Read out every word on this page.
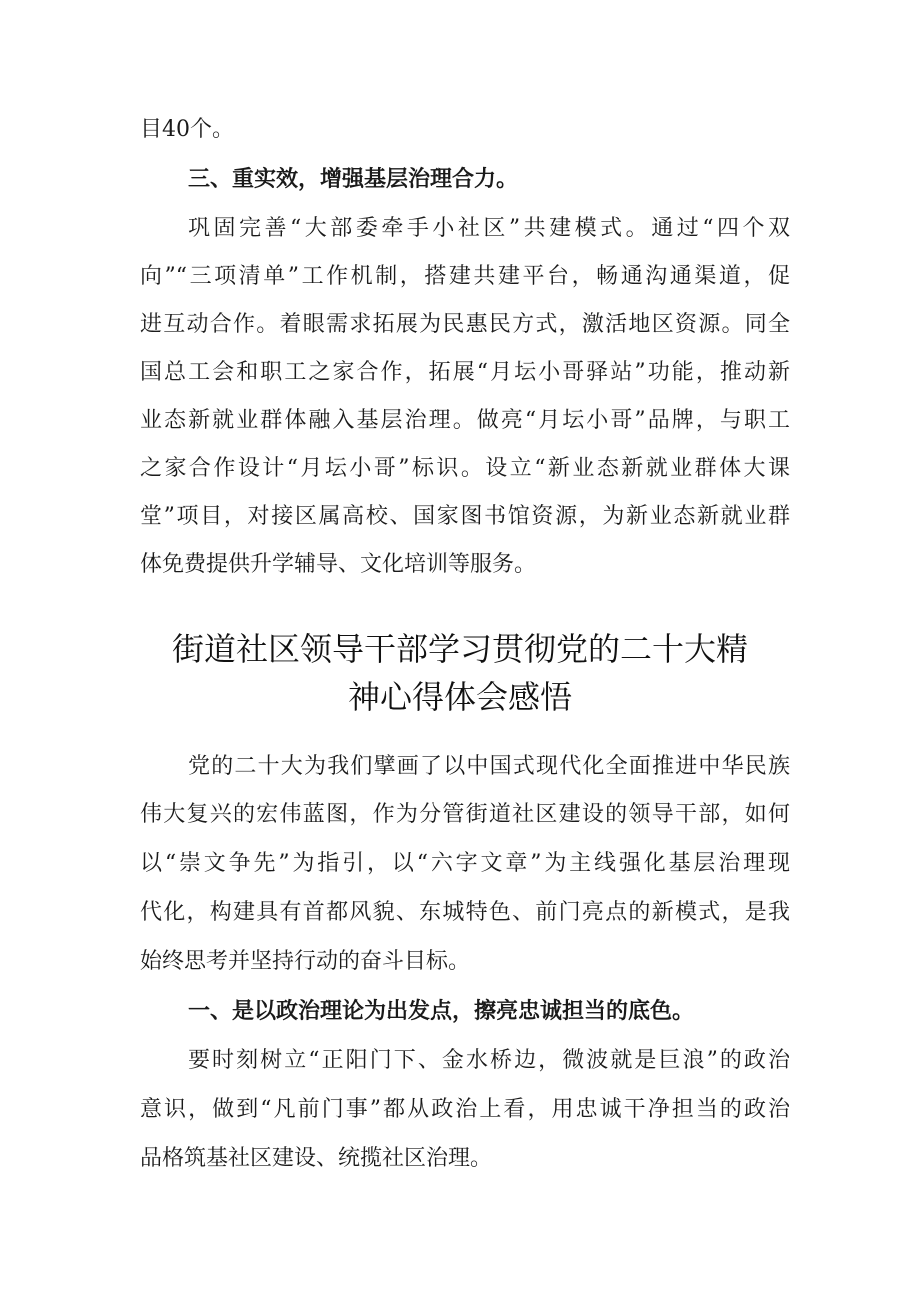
目40个。
三、重实效，增强基层治理合力。
巩固完善“大部委牵手小社区”共建模式。通过“四个双
向”“三项清单”工作机制，搭建共建平台，畅通沟通渠道，促
进互动合作。着眼需求拓展为民惠民方式，激活地区资源。同全
国总工会和职工之家合作，拓展“月坛小哥驿站”功能，推动新
业态新就业群体融入基层治理。做亮“月坛小哥”品牌，与职工
之家合作设计“月坛小哥”标识。设立“新业态新就业群体大课
堂”项目，对接区属高校、国家图书馆资源，为新业态新就业群
体免费提供升学辅导、文化培训等服务。
街道社区领导干部学习贯彻党的二十大精
神心得体会感悟
党的二十大为我们擘画了以中国式现代化全面推进中华民族
伟大复兴的宏伟蓝图，作为分管街道社区建设的领导干部，如何
以“崇文争先”为指引，以“六字文章”为主线强化基层治理现
代化，构建具有首都风貌、东城特色、前门亮点的新模式，是我
始终思考并坚持行动的奋斗目标。
一、是以政治理论为出发点，擦亮忠诚担当的底色。
要时刻树立“正阳门下、金水桥边，微波就是巨浪”的政治
意识，做到“凡前门事”都从政治上看，用忠诚干净担当的政治
品格筑基社区建设、统揽社区治理。
